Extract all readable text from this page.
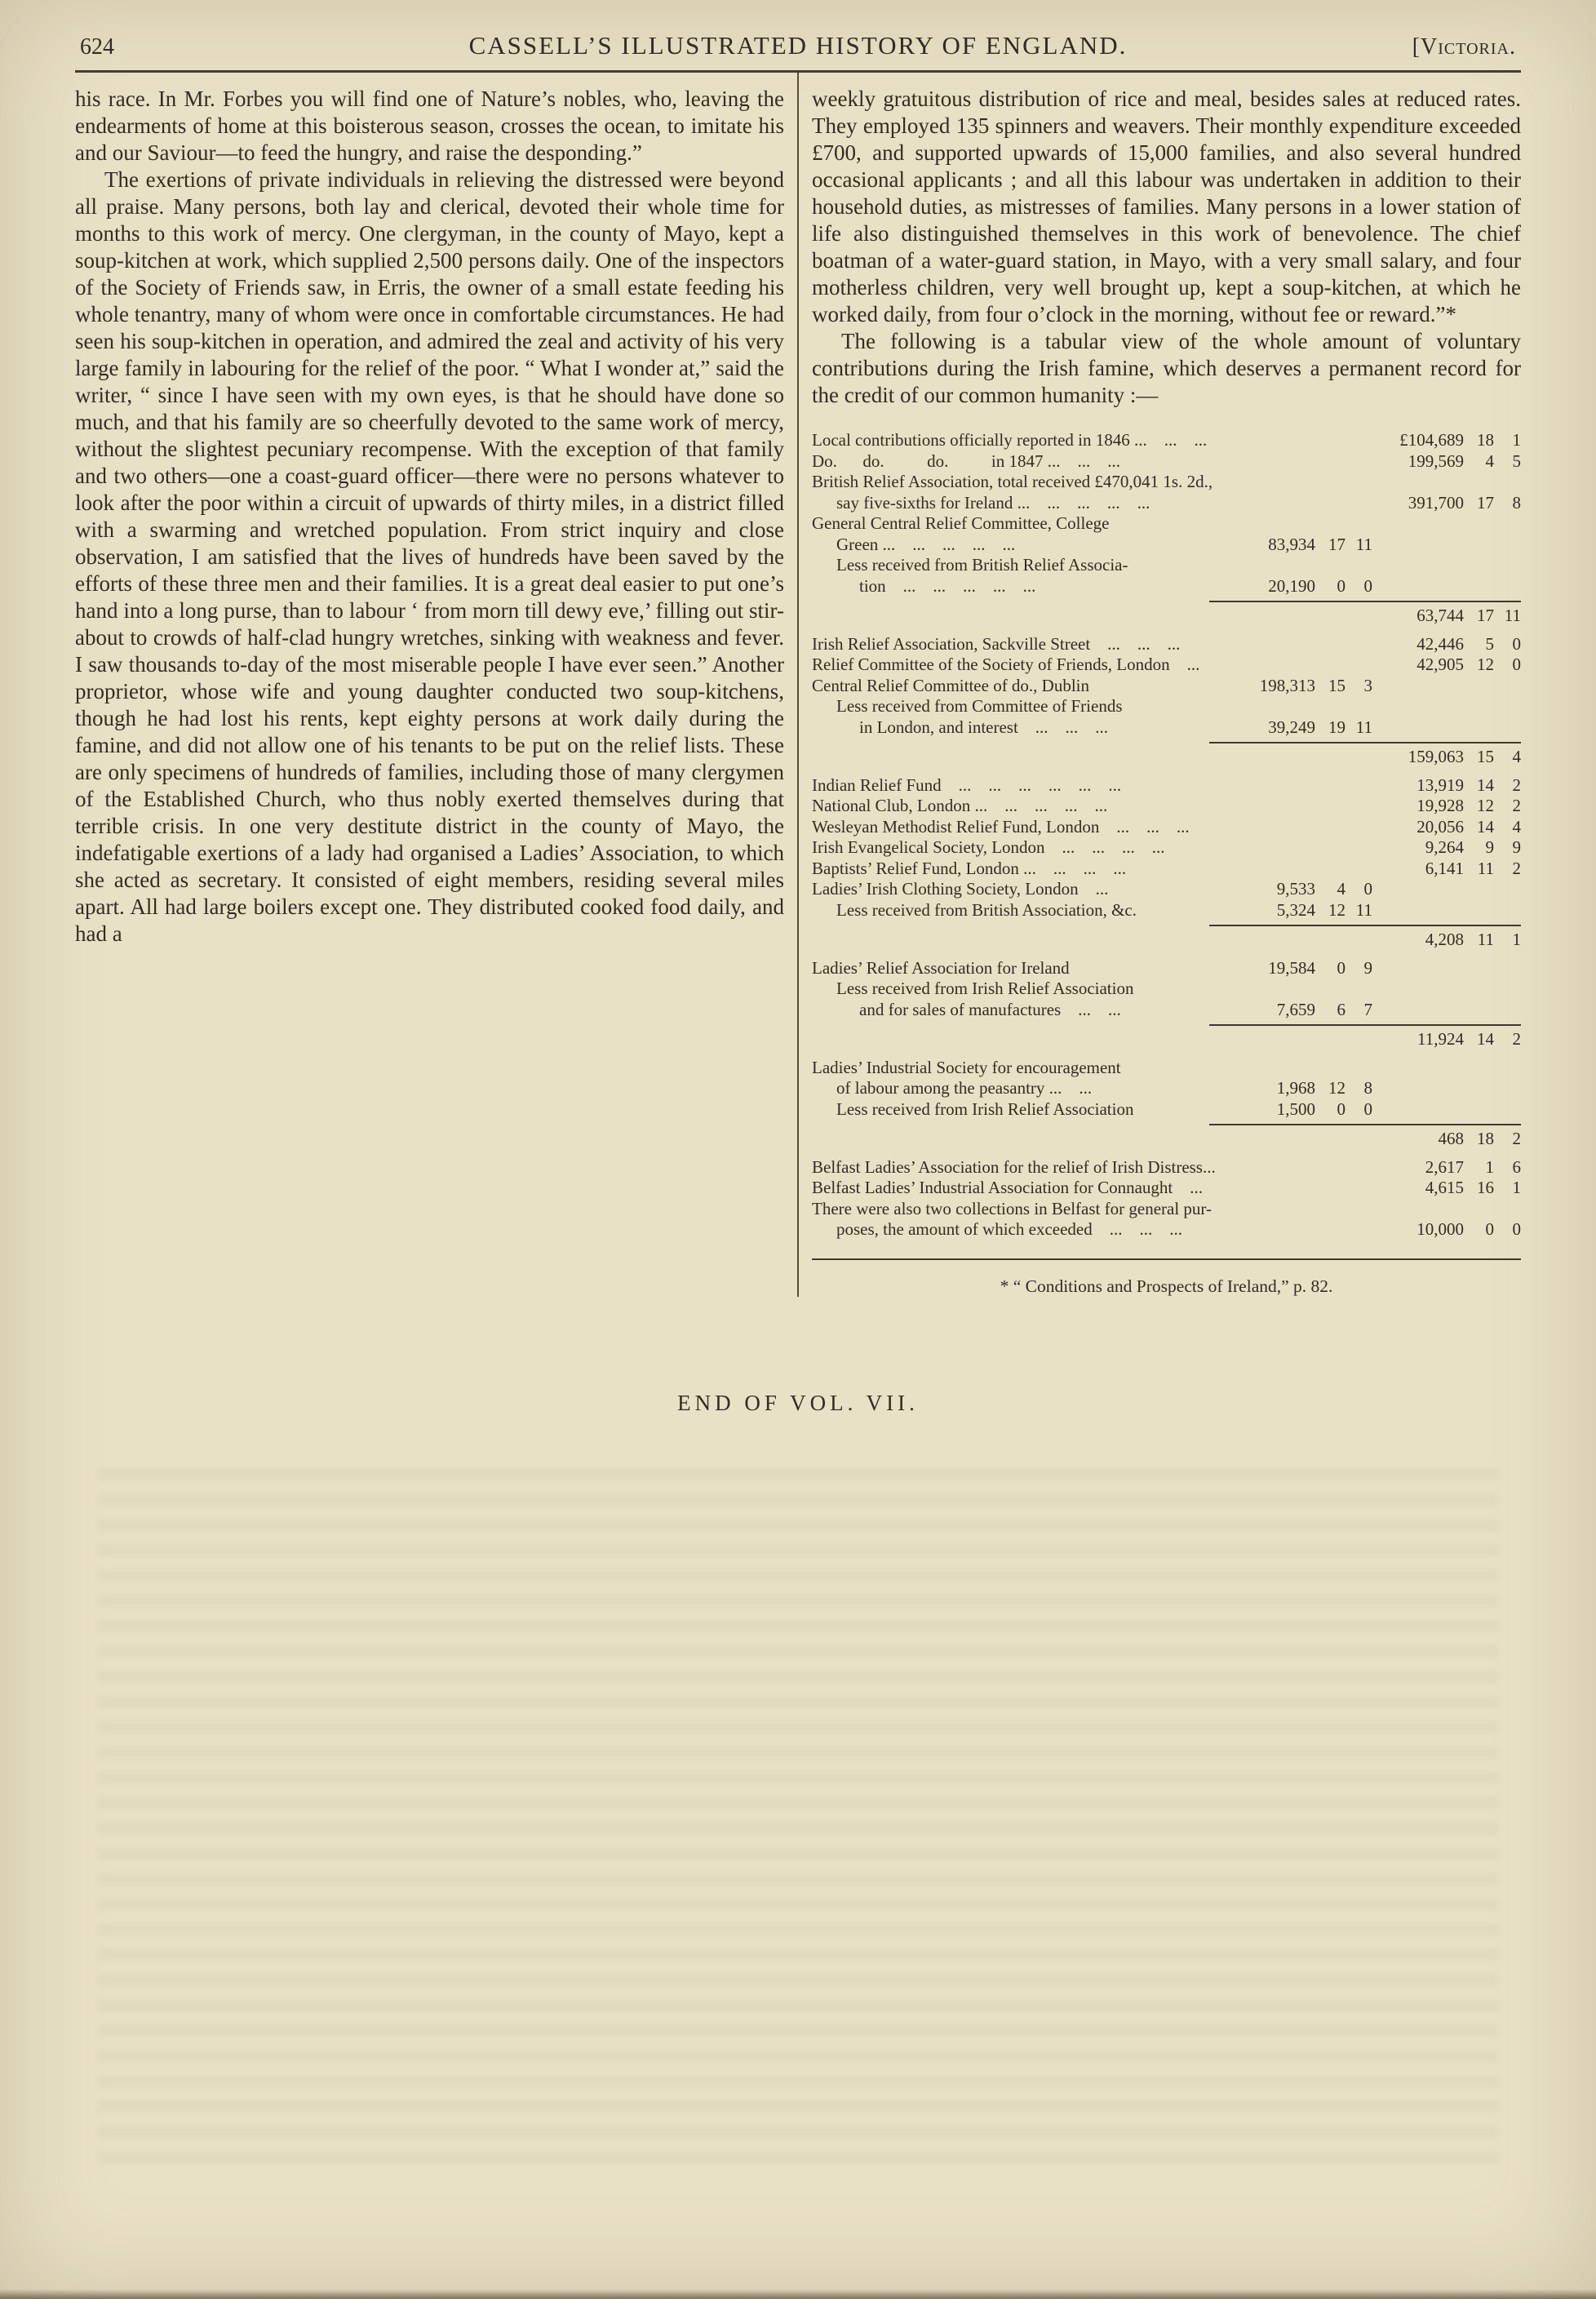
624	CASSELL’S ILLUSTRATED HISTORY OF ENGLAND.	[Victoria.

his race. In Mr. Forbes you will find one of Nature’s nobles, who, leaving the endearments of home at this boisterous season, crosses the ocean, to imitate his and our Saviour—to feed the hungry, and raise the desponding.”

The exertions of private individuals in relieving the distressed were beyond all praise. Many persons, both lay and clerical, devoted their whole time for months to this work of mercy. One clergyman, in the county of Mayo, kept a soup-kitchen at work, which supplied 2,500 persons daily. One of the inspectors of the Society of Friends saw, in Erris, the owner of a small estate feeding his whole tenantry, many of whom were once in comfortable circumstances. He had seen his soup-kitchen in operation, and admired the zeal and activity of his very large family in labouring for the relief of the poor. “ What I wonder at,” said the writer, “ since I have seen with my own eyes, is that he should have done so much, and that his family are so cheerfully devoted to the same work of mercy, without the slightest pecuniary recompense. With the exception of that family and two others—one a coast-guard officer—there were no persons whatever to look after the poor within a circuit of upwards of thirty miles, in a district filled with a swarming and wretched population. From strict inquiry and close observation, I am satisfied that the lives of hundreds have been saved by the efforts of these three men and their families. It is a great deal easier to put one’s hand into a long purse, than to labour ‘ from morn till dewy eve,’ filling out stir-about to crowds of half-clad hungry wretches, sinking with weakness and fever. I saw thousands to-day of the most miserable people I have ever seen.” Another proprietor, whose wife and young daughter conducted two soup-kitchens, though he had lost his rents, kept eighty persons at work daily during the famine, and did not allow one of his tenants to be put on the relief lists. These are only specimens of hundreds of families, including those of many clergymen of the Established Church, who thus nobly exerted themselves during that terrible crisis. In one very destitute district in the county of Mayo, the indefatigable exertions of a lady had organised a Ladies’ Association, to which she acted as secretary. It consisted of eight members, residing several miles apart. All had large boilers except one. They distributed cooked food daily, and had a

weekly gratuitous distribution of rice and meal, besides sales at reduced rates. They employed 135 spinners and weavers. Their monthly expenditure exceeded £700, and supported upwards of 15,000 families, and also several hundred occasional applicants ; and all this labour was undertaken in addition to their household duties, as mistresses of families. Many persons in a lower station of life also distinguished themselves in this work of benevolence. The chief boatman of a water-guard station, in Mayo, with a very small salary, and four motherless children, very well brought up, kept a soup-kitchen, at which he worked daily, from four o’clock in the morning, without fee or reward.”*

The following is a tabular view of the whole amount of voluntary contributions during the Irish famine, which deserves a permanent record for the credit of our common humanity :—

Local contributions officially reported in 1846 ... ... ...	£104,689 18	1
Do.  do.   do.   in 1847 ... ... ...	199,569	4	5
British Relief Association, total received £470,041 1s. 2d.,
say five-sixths for Ireland ... ... ... ... ...	391,700 17	8
General Central Relief Committee, College
Green ... ... ... ... ...	83,934 17 11
Less received from British Relief Associa-
tion ... ... ... ... ...	20,190	0	0
63,744 17 11
Irish Relief Association, Sackville Street ... ... ...	42,446	5	0
Relief Committee of the Society of Friends, London ...	42,905 12	0
Central Relief Committee of do., Dublin	198,313 15	3
Less received from Committee of Friends
in London, and interest ... ... ...	39,249 19 11
159,063 15	4
Indian Relief Fund ... ... ... ... ... ...	13,919 14	2
National Club, London ... ... ... ... ...	19,928 12	2
Wesleyan Methodist Relief Fund, London ... ... ...	20,056 14	4
Irish Evangelical Society, London ... ... ... ...	9,264	9	9
Baptists’ Relief Fund, London ... ... ... ...	6,141 11	2
Ladies’ Irish Clothing Society, London ...	9,533	4	0
Less received from British Association, &c.	5,324 12 11
4,208 11	1
Ladies’ Relief Association for Ireland	19,584	0	9
Less received from Irish Relief Association
and for sales of manufactures ... ...	7,659	6	7
11,924 14	2
Ladies’ Industrial Society for encouragement
of labour among the peasantry ... ...	1,968 12	8
Less received from Irish Relief Association	1,500	0	0
468 18	2
Belfast Ladies’ Association for the relief of Irish Distress...	2,617	1	6
Belfast Ladies’ Industrial Association for Connaught ...	4,615 16	1
There were also two collections in Belfast for general pur-
poses, the amount of which exceeded ... ... ...	10,000	0	0

* “ Conditions and Prospects of Ireland,” p. 82.

END OF VOL. VII.
